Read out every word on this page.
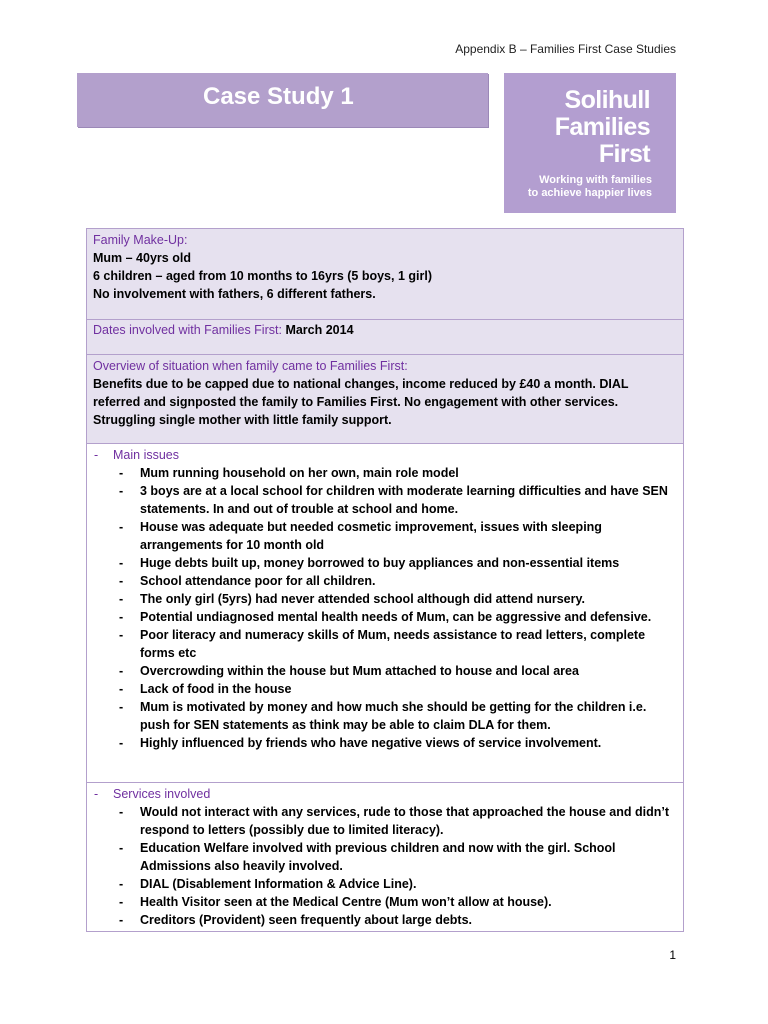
Appendix B – Families First Case Studies
Case Study 1	Solihull
Families
First
Working with families
to achieve happier lives
Family Make-Up:
Mum – 40yrs old
6 children – aged from 10 months to 16yrs (5 boys, 1 girl)
No involvement with fathers, 6 different fathers.

Dates involved with Families First: March 2014

Overview of situation when family came to Families First:
Benefits due to be capped due to national changes, income reduced by £40 a month. DIAL referred and signposted the family to Families First. No engagement with other services. Struggling single mother with little family support.

- Main issues
- Mum running household on her own, main role model
- 3 boys are at a local school for children with moderate learning difficulties and have SEN statements. In and out of trouble at school and home.
- House was adequate but needed cosmetic improvement, issues with sleeping arrangements for 10 month old
- Huge debts built up, money borrowed to buy appliances and non-essential items
- School attendance poor for all children.
- The only girl (5yrs) had never attended school although did attend nursery.
- Potential undiagnosed mental health needs of Mum, can be aggressive and defensive.
- Poor literacy and numeracy skills of Mum, needs assistance to read letters, complete forms etc
- Overcrowding within the house but Mum attached to house and local area
- Lack of food in the house
- Mum is motivated by money and how much she should be getting for the children i.e. push for SEN statements as think may be able to claim DLA for them.
- Highly influenced by friends who have negative views of service involvement.

- Services involved
- Would not interact with any services, rude to those that approached the house and didn’t respond to letters (possibly due to limited literacy).
- Education Welfare involved with previous children and now with the girl. School Admissions also heavily involved.
- DIAL (Disablement Information & Advice Line).
- Health Visitor seen at the Medical Centre (Mum won’t allow at house).
- Creditors (Provident) seen frequently about large debts.
1
